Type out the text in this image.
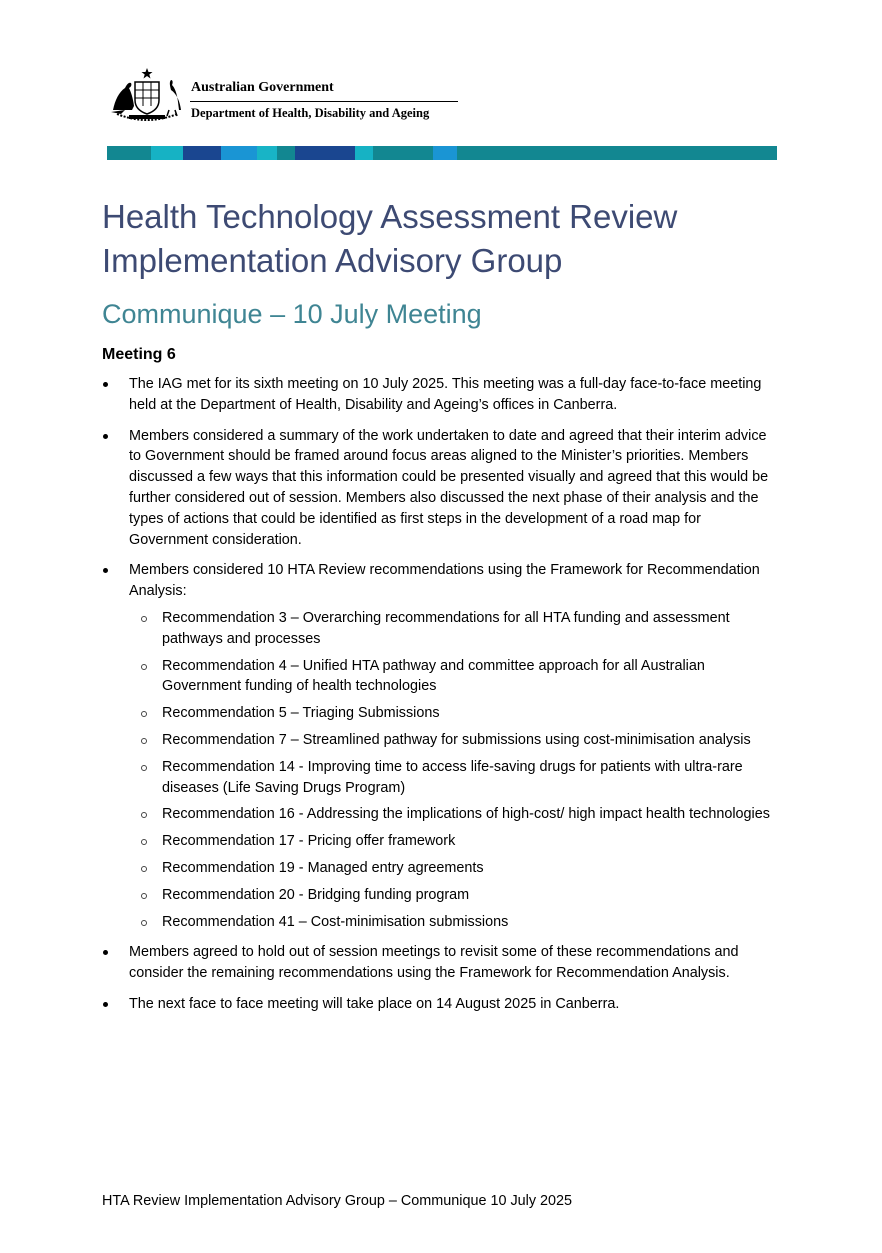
Australian Government
Department of Health, Disability and Ageing
Health Technology Assessment Review Implementation Advisory Group
Communique – 10 July Meeting
Meeting 6
The IAG met for its sixth meeting on 10 July 2025. This meeting was a full-day face-to-face meeting held at the Department of Health, Disability and Ageing’s offices in Canberra.
Members considered a summary of the work undertaken to date and agreed that their interim advice to Government should be framed around focus areas aligned to the Minister’s priorities. Members discussed a few ways that this information could be presented visually and agreed that this would be further considered out of session. Members also discussed the next phase of their analysis and the types of actions that could be identified as first steps in the development of a road map for Government consideration.
Members considered 10 HTA Review recommendations using the Framework for Recommendation Analysis:
Recommendation 3 – Overarching recommendations for all HTA funding and assessment pathways and processes
Recommendation 4 – Unified HTA pathway and committee approach for all Australian Government funding of health technologies
Recommendation 5 – Triaging Submissions
Recommendation 7 – Streamlined pathway for submissions using cost-minimisation analysis
Recommendation 14 - Improving time to access life-saving drugs for patients with ultra-rare diseases (Life Saving Drugs Program)
Recommendation 16 - Addressing the implications of high-cost/ high impact health technologies
Recommendation 17 - Pricing offer framework
Recommendation 19 - Managed entry agreements
Recommendation 20 - Bridging funding program
Recommendation 41 – Cost-minimisation submissions
Members agreed to hold out of session meetings to revisit some of these recommendations and consider the remaining recommendations using the Framework for Recommendation Analysis.
The next face to face meeting will take place on 14 August 2025 in Canberra.
HTA Review Implementation Advisory Group – Communique 10 July 2025
